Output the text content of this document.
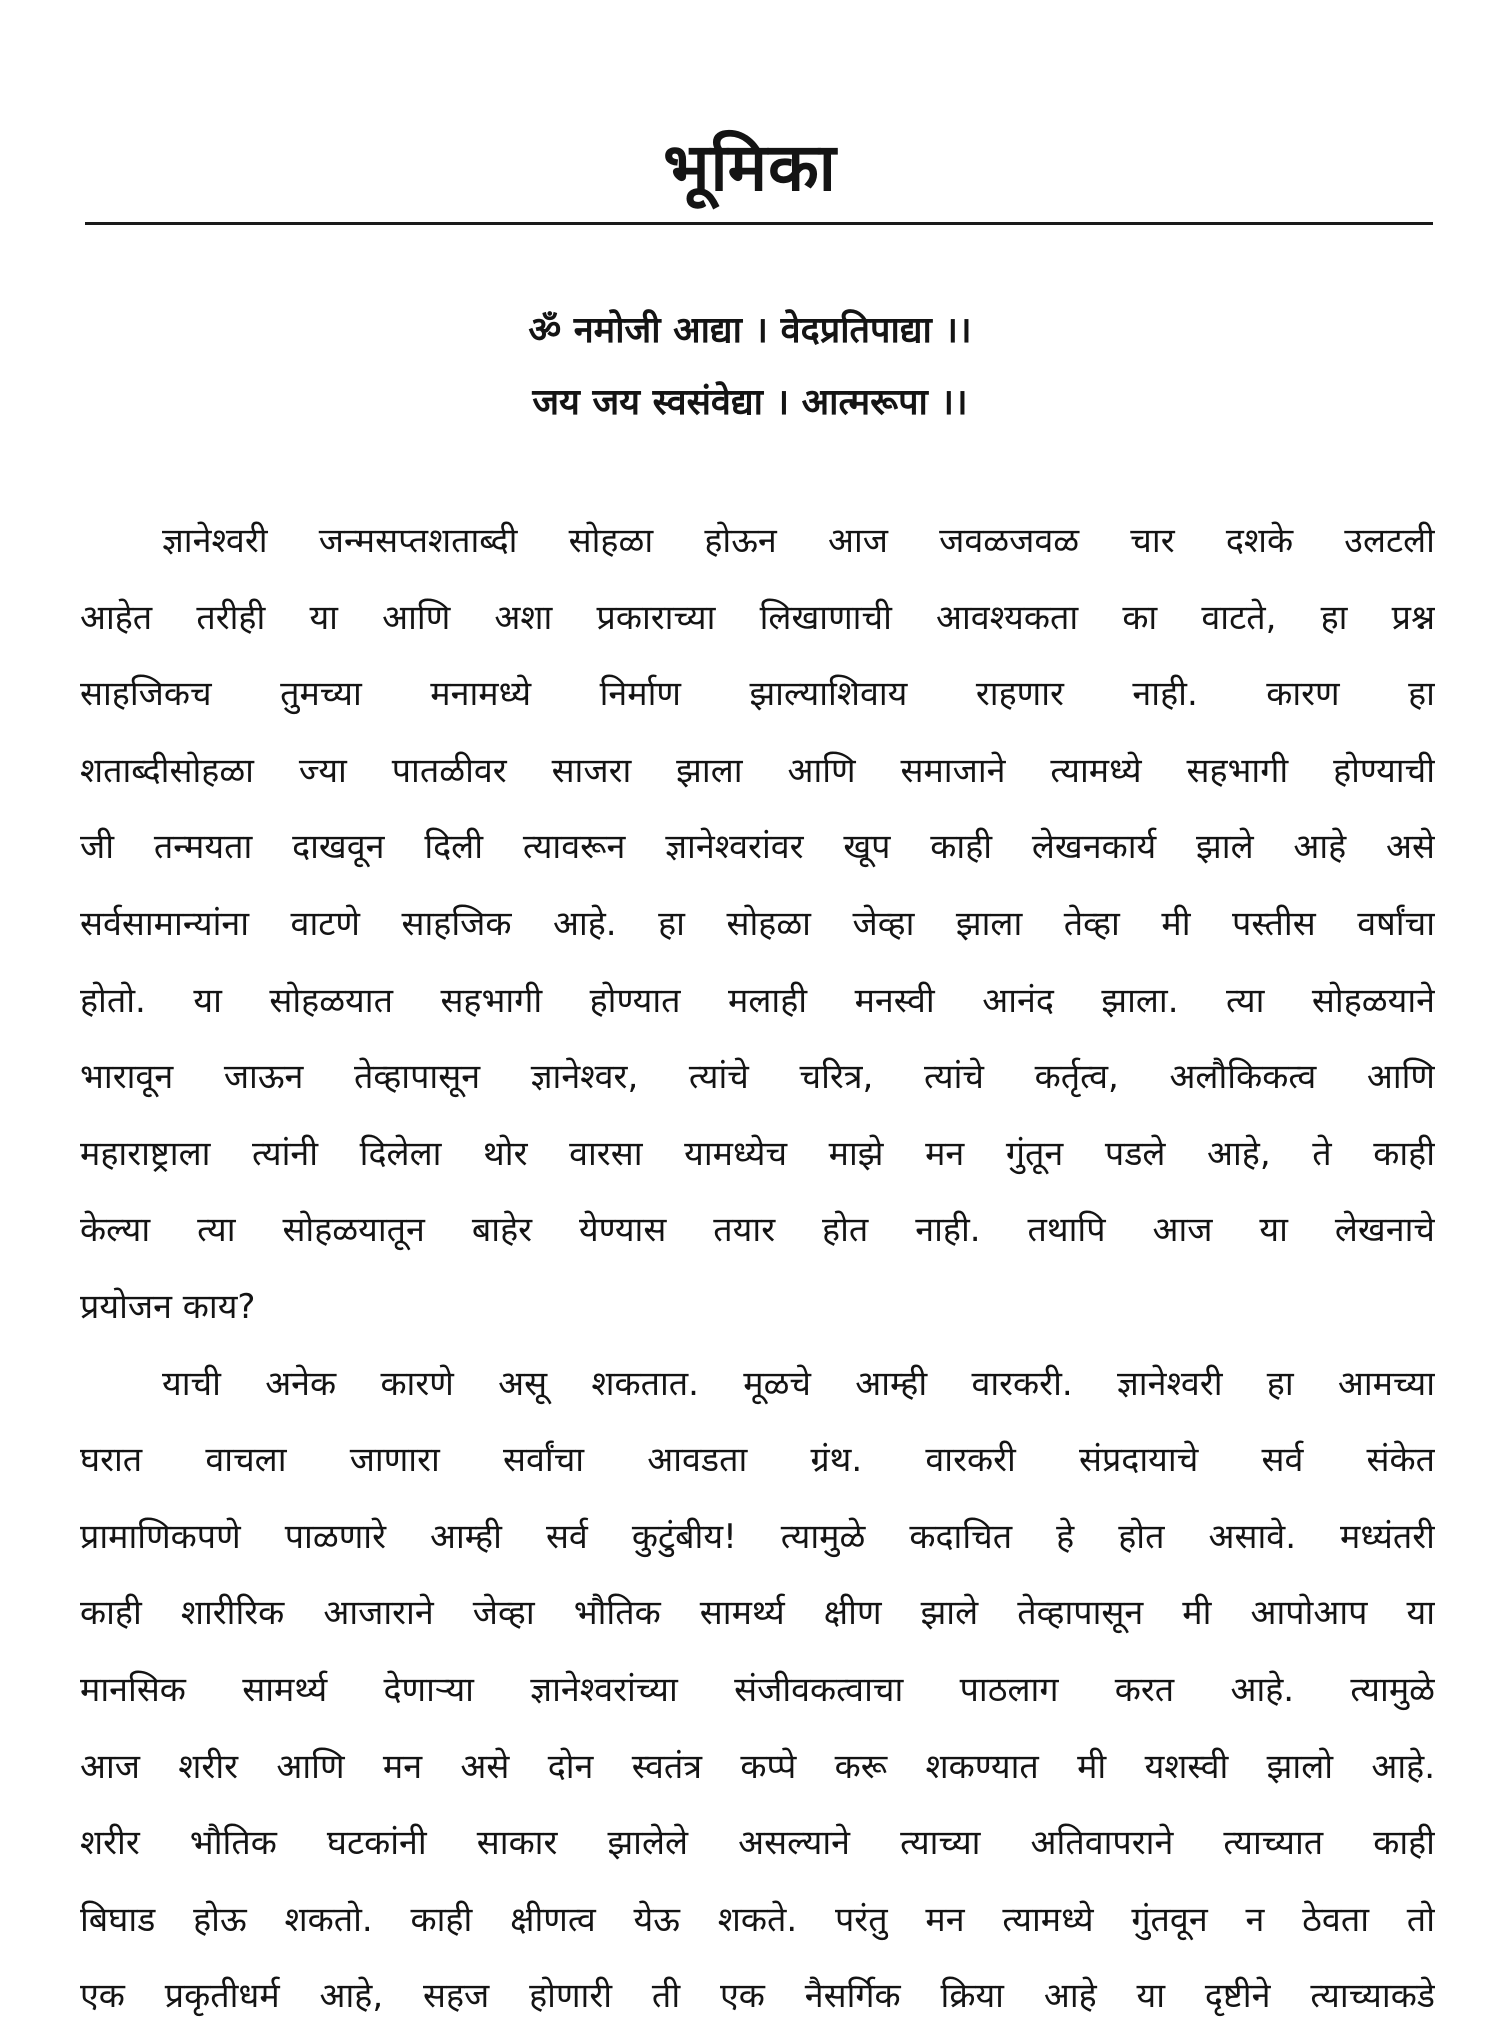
भूमिका
ॐ नमोजी आद्या । वेदप्रतिपाद्या ।।
जय जय स्वसंवेद्या । आत्मरूपा ।।
ज्ञानेश्वरी जन्मसप्तशताब्दी सोहळा होऊन आज जवळजवळ चार दशके उलटली
आहेत तरीही या आणि अशा प्रकाराच्या लिखाणाची आवश्यकता का वाटते, हा प्रश्न
साहजिकच तुमच्या मनामध्ये निर्माण झाल्याशिवाय राहणार नाही. कारण हा
शताब्दीसोहळा ज्या पातळीवर साजरा झाला आणि समाजाने त्यामध्ये सहभागी होण्याची
जी तन्मयता दाखवून दिली त्यावरून ज्ञानेश्वरांवर खूप काही लेखनकार्य झाले आहे असे
सर्वसामान्यांना वाटणे साहजिक आहे. हा सोहळा जेव्हा झाला तेव्हा मी पस्तीस वर्षांचा
होतो. या सोहळयात सहभागी होण्यात मलाही मनस्वी आनंद झाला. त्या सोहळयाने
भारावून जाऊन तेव्हापासून ज्ञानेश्वर, त्यांचे चरित्र, त्यांचे कर्तृत्व, अलौकिकत्व आणि
महाराष्ट्राला त्यांनी दिलेला थोर वारसा यामध्येच माझे मन गुंतून पडले आहे, ते काही
केल्या त्या सोहळयातून बाहेर येण्यास तयार होत नाही. तथापि आज या लेखनाचे
प्रयोजन काय?
याची अनेक कारणे असू शकतात. मूळचे आम्ही वारकरी. ज्ञानेश्वरी हा आमच्या
घरात वाचला जाणारा सर्वांचा आवडता ग्रंथ. वारकरी संप्रदायाचे सर्व संकेत
प्रामाणिकपणे पाळणारे आम्ही सर्व कुटुंबीय! त्यामुळे कदाचित हे होत असावे. मध्यंतरी
काही शारीरिक आजाराने जेव्हा भौतिक सामर्थ्य क्षीण झाले तेव्हापासून मी आपोआप या
मानसिक सामर्थ्य देणाऱ्या ज्ञानेश्वरांच्या संजीवकत्वाचा पाठलाग करत आहे. त्यामुळे
आज शरीर आणि मन असे दोन स्वतंत्र कप्पे करू शकण्यात मी यशस्वी झालो आहे.
शरीर भौतिक घटकांनी साकार झालेले असल्याने त्याच्या अतिवापराने त्याच्यात काही
बिघाड होऊ शकतो. काही क्षीणत्व येऊ शकते. परंतु मन त्यामध्ये गुंतवून न ठेवता तो
एक प्रकृतीधर्म आहे, सहज होणारी ती एक नैसर्गिक क्रिया आहे या दृष्टीने त्याच्याकडे
